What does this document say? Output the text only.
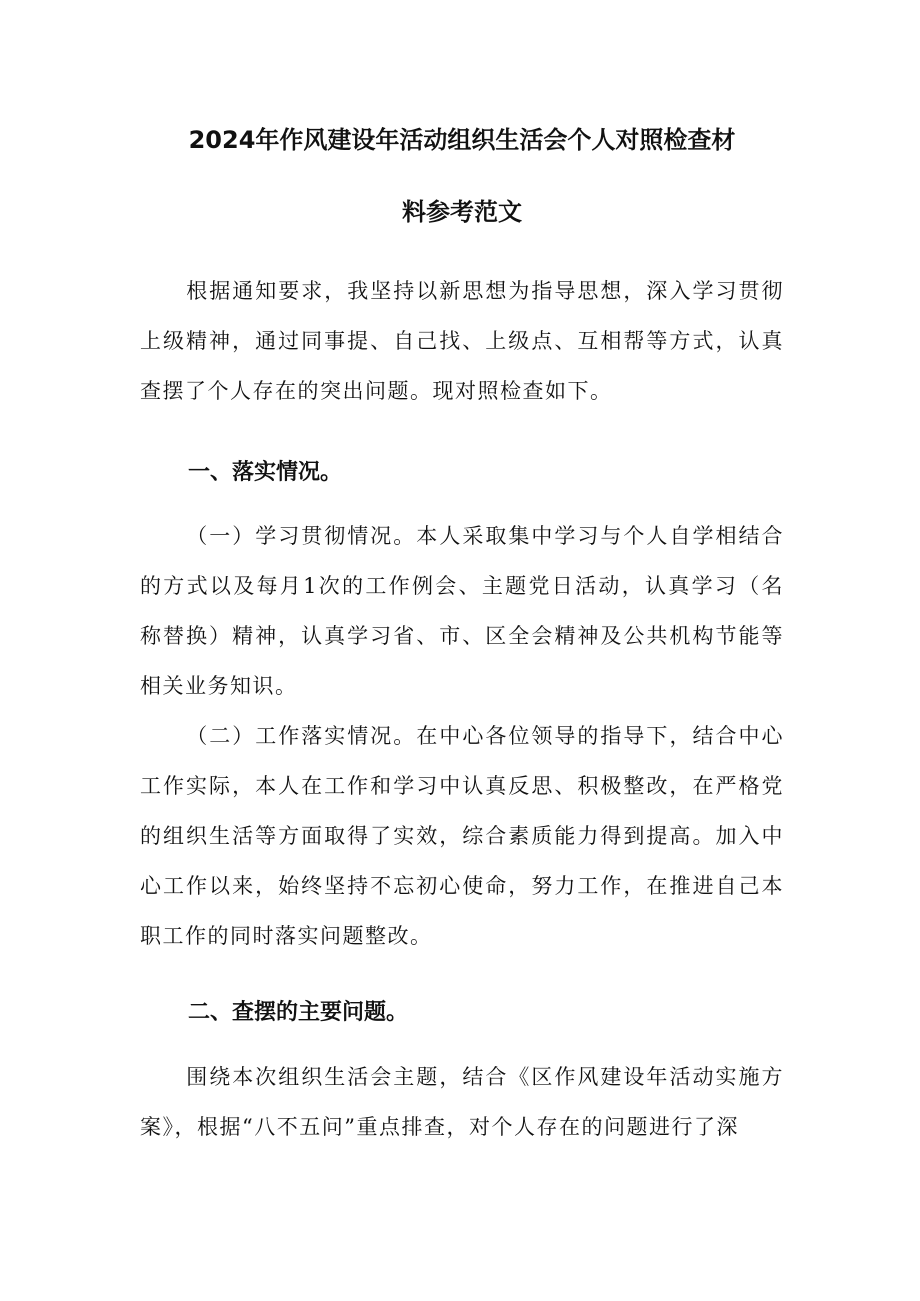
2024年作风建设年活动组织生活会个人对照检查材
料参考范文

根据通知要求，我坚持以新思想为指导思想，深入学习贯彻上级精神，通过同事提、自己找、上级点、互相帮等方式，认真查摆了个人存在的突出问题。现对照检查如下。

一、落实情况。

（一）学习贯彻情况。本人采取集中学习与个人自学相结合的方式以及每月1次的工作例会、主题党日活动，认真学习（名称替换）精神，认真学习省、市、区全会精神及公共机构节能等相关业务知识。

（二）工作落实情况。在中心各位领导的指导下，结合中心工作实际，本人在工作和学习中认真反思、积极整改，在严格党的组织生活等方面取得了实效，综合素质能力得到提高。加入中心工作以来，始终坚持不忘初心使命，努力工作，在推进自己本职工作的同时落实问题整改。

二、查摆的主要问题。

围绕本次组织生活会主题，结合《区作风建设年活动实施方案》，根据“八不五问”重点排查，对个人存在的问题进行了深
